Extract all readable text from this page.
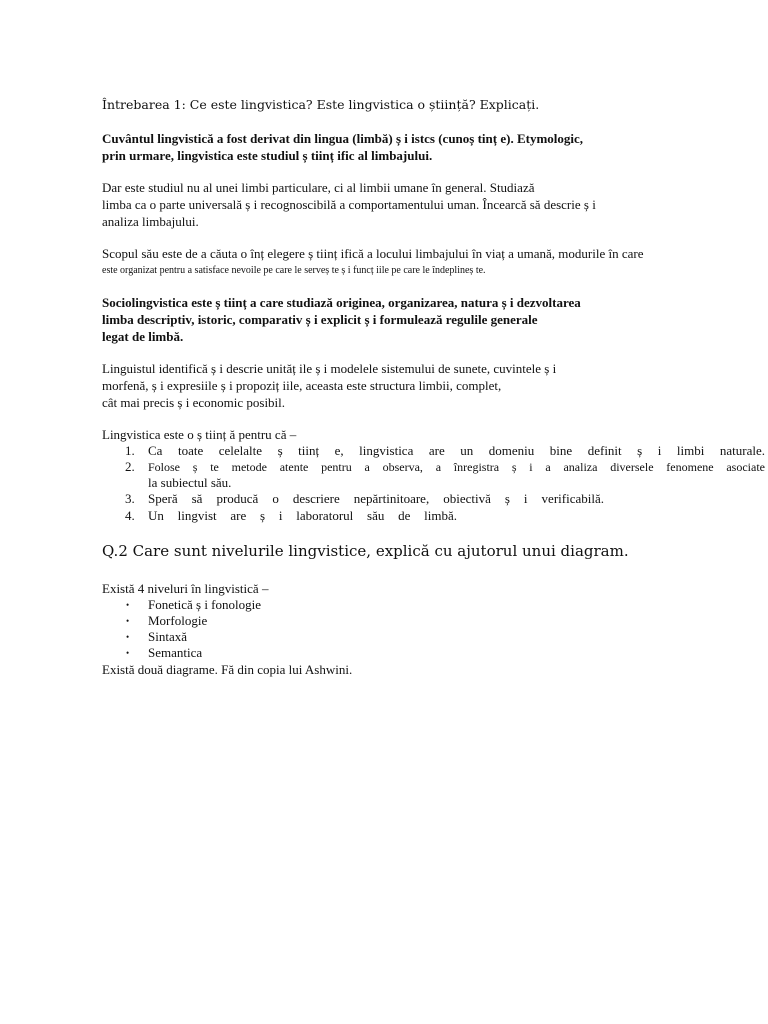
Întrebarea 1: Ce este lingvistica? Este lingvistica o știință? Explicați.
Cuvântul lingvistică a fost derivat din lingua (limbă) ș i istcs (cunoș tinț e). Etymologic,
prin urmare, lingvistica este studiul ș tiinț ific al limbajului.
Dar este studiul nu al unei limbi particulare, ci al limbii umane în general. Studiază
limba ca o parte universală ș i recognoscibilă a comportamentului uman. Încearcă să descrie ș i
analiza limbajului.
Scopul său este de a căuta o înț elegere ș tiinț ifică a locului limbajului în viaț a umană, modurile în care
este organizat pentru a satisface nevoile pe care le serveș te ș i funcț iile pe care le îndeplineș te.
Sociolingvistica este ș tiinț a care studiază originea, organizarea, natura ș i dezvoltarea
limba descriptiv, istoric, comparativ ș i explicit ș i formulează regulile generale
legat de limbă.
Linguistul identifică ș i descrie unităț ile ș i modelele sistemului de sunete, cuvintele ș i
morfenă, ș i expresiile ș i propoziț iile, aceasta este structura limbii, complet,
cât mai precis ș i economic posibil.
Lingvistica este o ș tiinț ă pentru că –
1. Ca toate celelalte ș tiinț e, lingvistica are un domeniu bine definit ș i limbi naturale.
2. Folose ș te metode atente pentru a observa, a înregistra ș i a analiza diversele fenomene asociate
la subiectul său.
3. Speră să producă o descriere nepărtinitoare, obiectivă ș i verificabilă.
4. Un lingvist are ș i laboratorul său de limbă.
Q.2 Care sunt nivelurile lingvistice, explică cu ajutorul unui diagram.
Există 4 niveluri în lingvistică –
• Fonetică ș i fonologie
• Morfologie
• Sintaxă
• Semantica
Există două diagrame. Fă din copia lui Ashwini.
